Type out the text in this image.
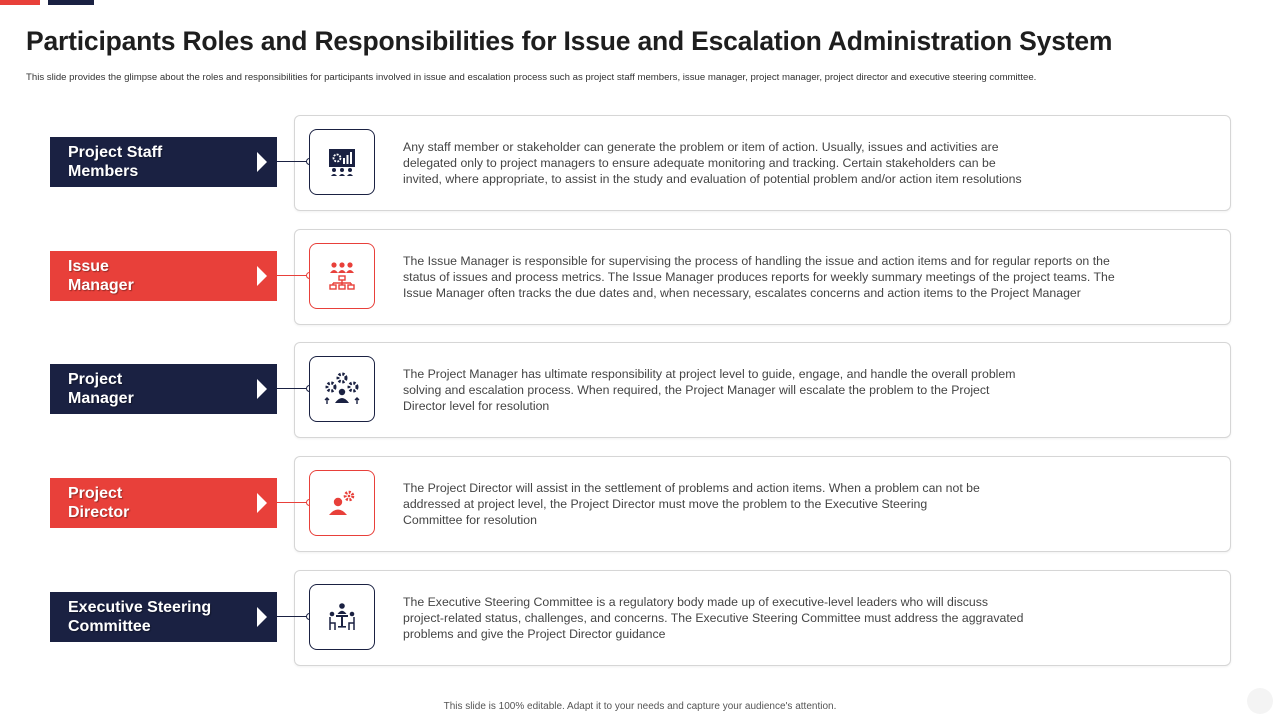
Participants Roles and Responsibilities for Issue and Escalation Administration System

This slide provides the glimpse about the roles and responsibilities for participants involved in issue and escalation process such as project staff members, issue manager, project manager, project director and executive steering committee.

Project Staff
Members
Any staff member or stakeholder can generate the problem or item of action. Usually, issues and activities are
delegated only to project managers to ensure adequate monitoring and tracking. Certain stakeholders can be
invited, where appropriate, to assist in the study and evaluation of potential problem and/or action item resolutions
Issue
Manager
The Issue Manager is responsible for supervising the process of handling the issue and action items and for regular reports on the
status of issues and process metrics. The Issue Manager produces reports for weekly summary meetings of the project teams. The
Issue Manager often tracks the due dates and, when necessary, escalates concerns and action items to the Project Manager
Project
Manager
The Project Manager has ultimate responsibility at project level to guide, engage, and handle the overall problem
solving and escalation process. When required, the Project Manager will escalate the problem to the Project
Director level for resolution
Project
Director
The Project Director will assist in the settlement of problems and action items. When a problem can not be
addressed at project level, the Project Director must move the problem to the Executive Steering
Committee for resolution
Executive Steering
Committee
The Executive Steering Committee is a regulatory body made up of executive-level leaders who will discuss
project-related status, challenges, and concerns. The Executive Steering Committee must address the aggravated
problems and give the Project Director guidance

This slide is 100% editable. Adapt it to your needs and capture your audience's attention.
